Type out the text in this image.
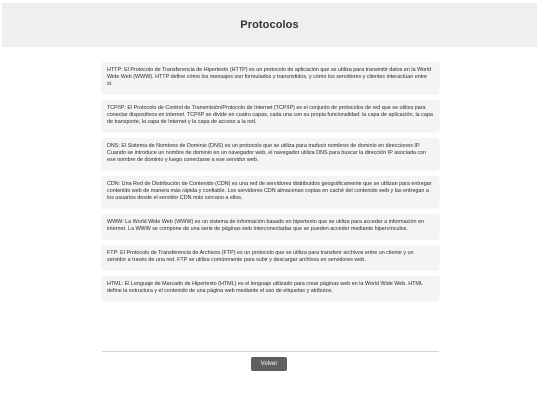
Protocolos

HTTP: El Protocolo de Transferencia de Hipertexto (HTTP) es un protocolo de aplicación que se utiliza para transmitir datos en la World Wide Web (WWW). HTTP define cómo los mensajes son formulados y transmitidos, y cómo los servidores y clientes interactúan entre sí.

TCP/IP: El Protocolo de Control de Transmisión/Protocolo de Internet (TCP/IP) es el conjunto de protocolos de red que se utiliza para conectar dispositivos en internet. TCP/IP se divide en cuatro capas, cada una con su propia funcionalidad: la capa de aplicación, la capa de transporte, la capa de Internet y la capa de acceso a la red.

DNS: El Sistema de Nombres de Dominio (DNS) es un protocolo que se utiliza para traducir nombres de dominio en direcciones IP. Cuando se introduce un nombre de dominio en un navegador web, el navegador utiliza DNS para buscar la dirección IP asociada con ese nombre de dominio y luego conectarse a ese servidor web.

CDN: Una Red de Distribución de Contenido (CDN) es una red de servidores distribuidos geográficamente que se utilizan para entregar contenido web de manera más rápida y confiable. Los servidores CDN almacenan copias en caché del contenido web y las entregan a los usuarios desde el servidor CDN más cercano a ellos.

WWW: La World Wide Web (WWW) es un sistema de información basado en hipertexto que se utiliza para acceder a información en internet. La WWW se compone de una serie de páginas web interconectadas que se pueden acceder mediante hipervínculos.

FTP: El Protocolo de Transferencia de Archivos (FTP) es un protocolo que se utiliza para transferir archivos entre un cliente y un servidor a través de una red. FTP se utiliza comúnmente para subir y descargar archivos en servidores web.

HTML: El Lenguaje de Marcado de Hipertexto (HTML) es el lenguaje utilizado para crear páginas web en la World Wide Web. HTML define la estructura y el contenido de una página web mediante el uso de etiquetas y atributos.

Volver
